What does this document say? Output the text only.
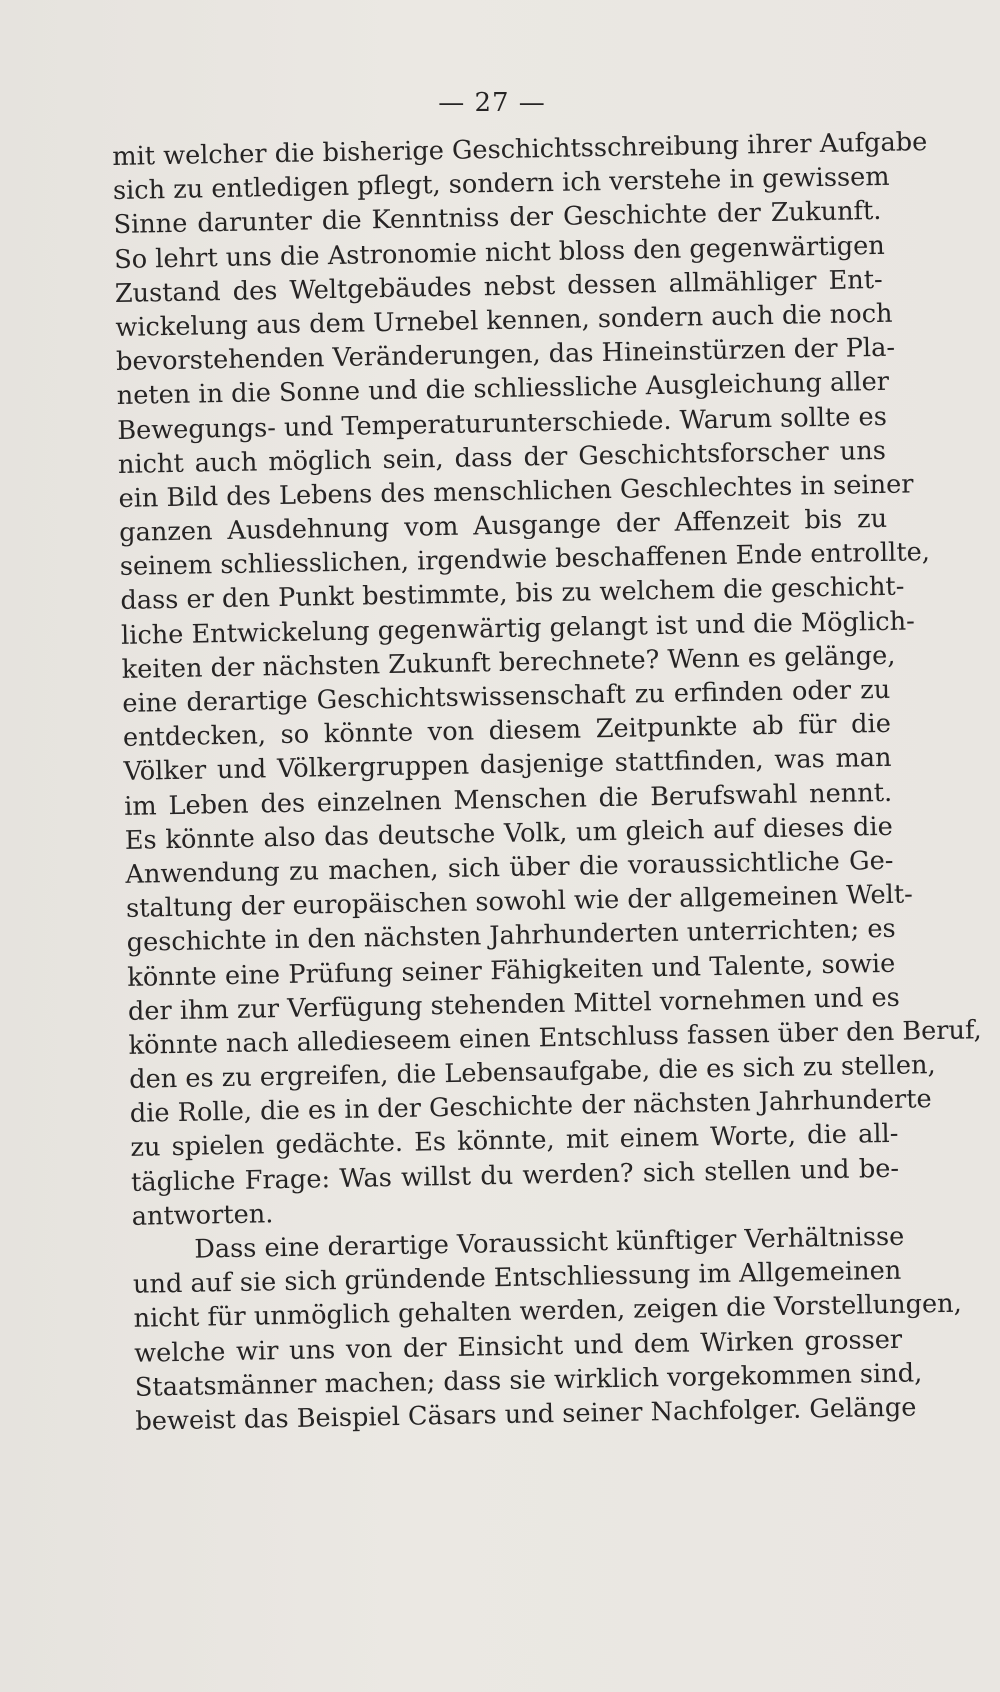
— 27 —
mit welcher die bisherige Geschichtsschreibung ihrer Aufgabe
sich zu entledigen pflegt, sondern ich verstehe in gewissem
Sinne darunter die Kenntniss der Geschichte der Zukunft.
So lehrt uns die Astronomie nicht bloss den gegenwärtigen
Zustand des Weltgebäudes nebst dessen allmähliger Ent-
wickelung aus dem Urnebel kennen, sondern auch die noch
bevorstehenden Veränderungen, das Hineinstürzen der Pla-
neten in die Sonne und die schliessliche Ausgleichung aller
Bewegungs- und Temperaturunterschiede. Warum sollte es
nicht auch möglich sein, dass der Geschichtsforscher uns
ein Bild des Lebens des menschlichen Geschlechtes in seiner
ganzen Ausdehnung vom Ausgange der Affenzeit bis zu
seinem schliesslichen, irgendwie beschaffenen Ende entrollte,
dass er den Punkt bestimmte, bis zu welchem die geschicht-
liche Entwickelung gegenwärtig gelangt ist und die Möglich-
keiten der nächsten Zukunft berechnete? Wenn es gelänge,
eine derartige Geschichtswissenschaft zu erfinden oder zu
entdecken, so könnte von diesem Zeitpunkte ab für die
Völker und Völkergruppen dasjenige stattfinden, was man
im Leben des einzelnen Menschen die Berufswahl nennt.
Es könnte also das deutsche Volk, um gleich auf dieses die
Anwendung zu machen, sich über die voraussichtliche Ge-
staltung der europäischen sowohl wie der allgemeinen Welt-
geschichte in den nächsten Jahrhunderten unterrichten; es
könnte eine Prüfung seiner Fähigkeiten und Talente, sowie
der ihm zur Verfügung stehenden Mittel vornehmen und es
könnte nach alledieseem einen Entschluss fassen über den Beruf,
den es zu ergreifen, die Lebensaufgabe, die es sich zu stellen,
die Rolle, die es in der Geschichte der nächsten Jahrhunderte
zu spielen gedächte. Es könnte, mit einem Worte, die all-
tägliche Frage: Was willst du werden? sich stellen und be-
antworten.
Dass eine derartige Voraussicht künftiger Verhältnisse
und auf sie sich gründende Entschliessung im Allgemeinen
nicht für unmöglich gehalten werden, zeigen die Vorstellungen,
welche wir uns von der Einsicht und dem Wirken grosser
Staatsmänner machen; dass sie wirklich vorgekommen sind,
beweist das Beispiel Cäsars und seiner Nachfolger. Gelänge
